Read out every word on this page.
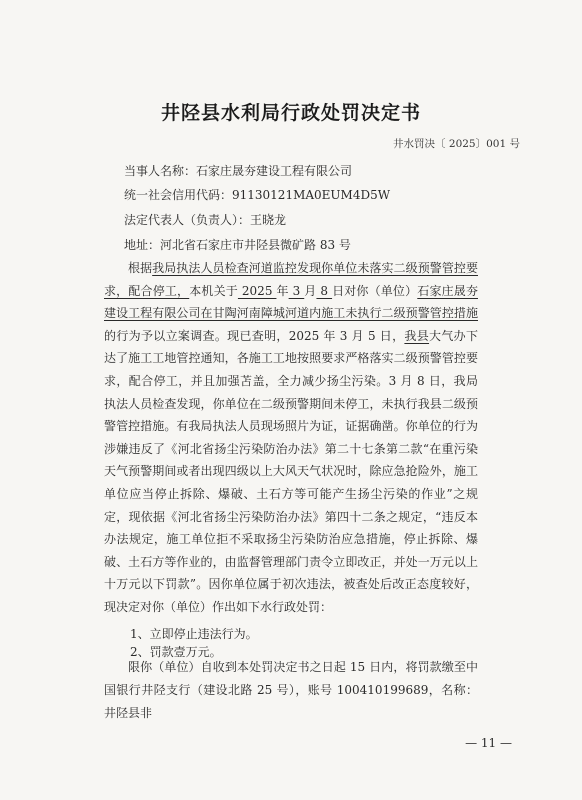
井陉县水利局行政处罚决定书
井水罚决〔 2025〕001 号
当事人名称：石家庄晟夯建设工程有限公司
统一社会信用代码：91130121MA0EUM4D5W
法定代表人（负责人）：王晓龙
地址：河北省石家庄市井陉县微矿路 83 号

根据我局执法人员检查河道监控发现你单位未落实二级预警管控要求，配合停工，本机关于 2025 年 3 月 8 日对你（单位）石家庄晟夯建设工程有限公司在甘陶河南障城河道内施工未执行二级预警管控措施 的行为予以立案调查。现已查明，2025 年 3 月 5 日，我县大气办下达了施工工地管控通知，各施工工地按照要求严格落实二级预警管控要求，配合停工，并且加强苫盖，全力减少扬尘污染。3 月 8 日，我局执法人员检查发现，你单位在二级预警期间未停工，未执行我县二级预警管控措施。有我局执法人员现场照片为证，证据确凿。你单位的行为涉嫌违反了《河北省扬尘污染防治办法》第二十七条第二款“在重污染天气预警期间或者出现四级以上大风天气状况时，除应急抢险外，施工单位应当停止拆除、爆破、土石方等可能产生扬尘污染的作业”之规定，现依据《河北省扬尘污染防治办法》第四十二条之规定，“违反本办法规定，施工单位拒不采取扬尘污染防治应急措施，停止拆除、爆破、土石方等作业的，由监督管理部门责令立即改正，并处一万元以上十万元以下罚款”。因你单位属于初次违法，被查处后改正态度较好，现决定对你（单位）作出如下水行政处罚：

1、立即停止违法行为。
2、罚款壹万元。

限你（单位）自收到本处罚决定书之日起 15 日内，将罚款缴至中国银行井陉支行（建设北路 25 号），账号 100410199689，名称：井陉县非

— 11 —
